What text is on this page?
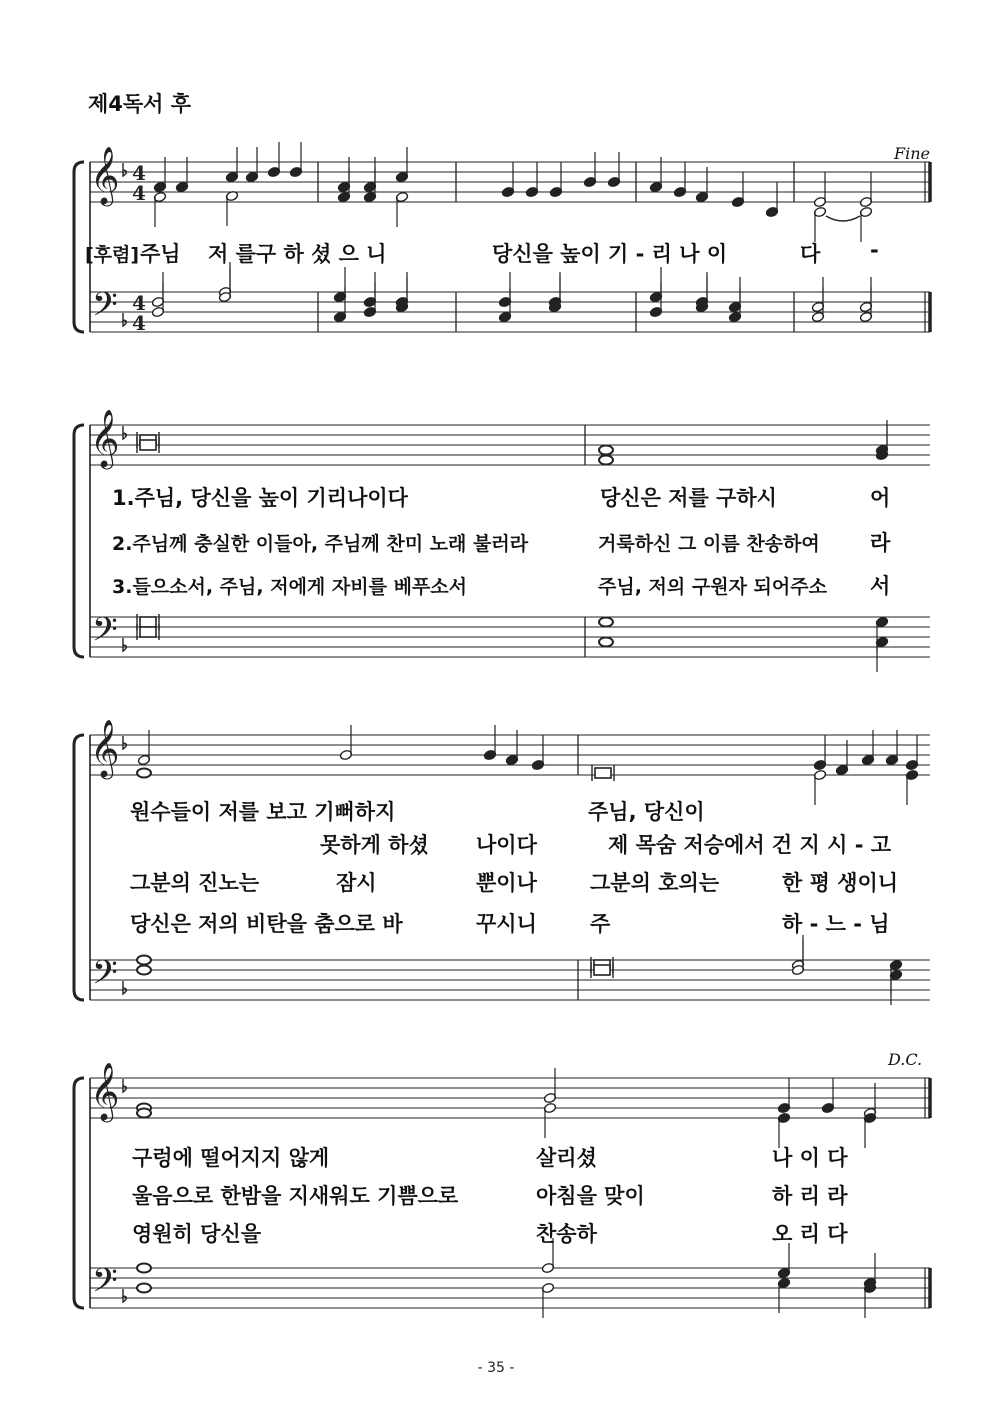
제4독서 후
𝄞
𝄢
4
4
4
4
𝄞
𝄢
𝄞
𝄢
𝄞
𝄢
Fine
[후렴] 주님 저 를구 하 셨 으 니	당신을 높이 기 - 리 나 이	다 -
1.주님, 당신을 높이 기리나이다	당신은 저를 구하시	어
2.주님께 충실한 이들아, 주님께 찬미 노래 불러라	거룩하신 그 이름 찬송하여 라
3.들으소서, 주님, 저에게 자비를 베푸소서	주님, 저의 구원자 되어주소 서
원수들이 저를 보고 기뻐하지	주님, 당신이
못하게 하셨 나이다	제 목숨 저승에서 건 지 시 - 고
그분의 진노는	잠시	뿐이나	그분의 호의는	한 평 생이니
당신은 저의 비탄을 춤으로 바	꾸시니	주	하 - 느 - 님
D.C.
구렁에 떨어지지 않게	살리셨	나 이 다
울음으로 한밤을 지새워도 기쁨으로	아침을 맞이	하 리 라
영원히 당신을	찬송하	오 리 다
- 35 -
